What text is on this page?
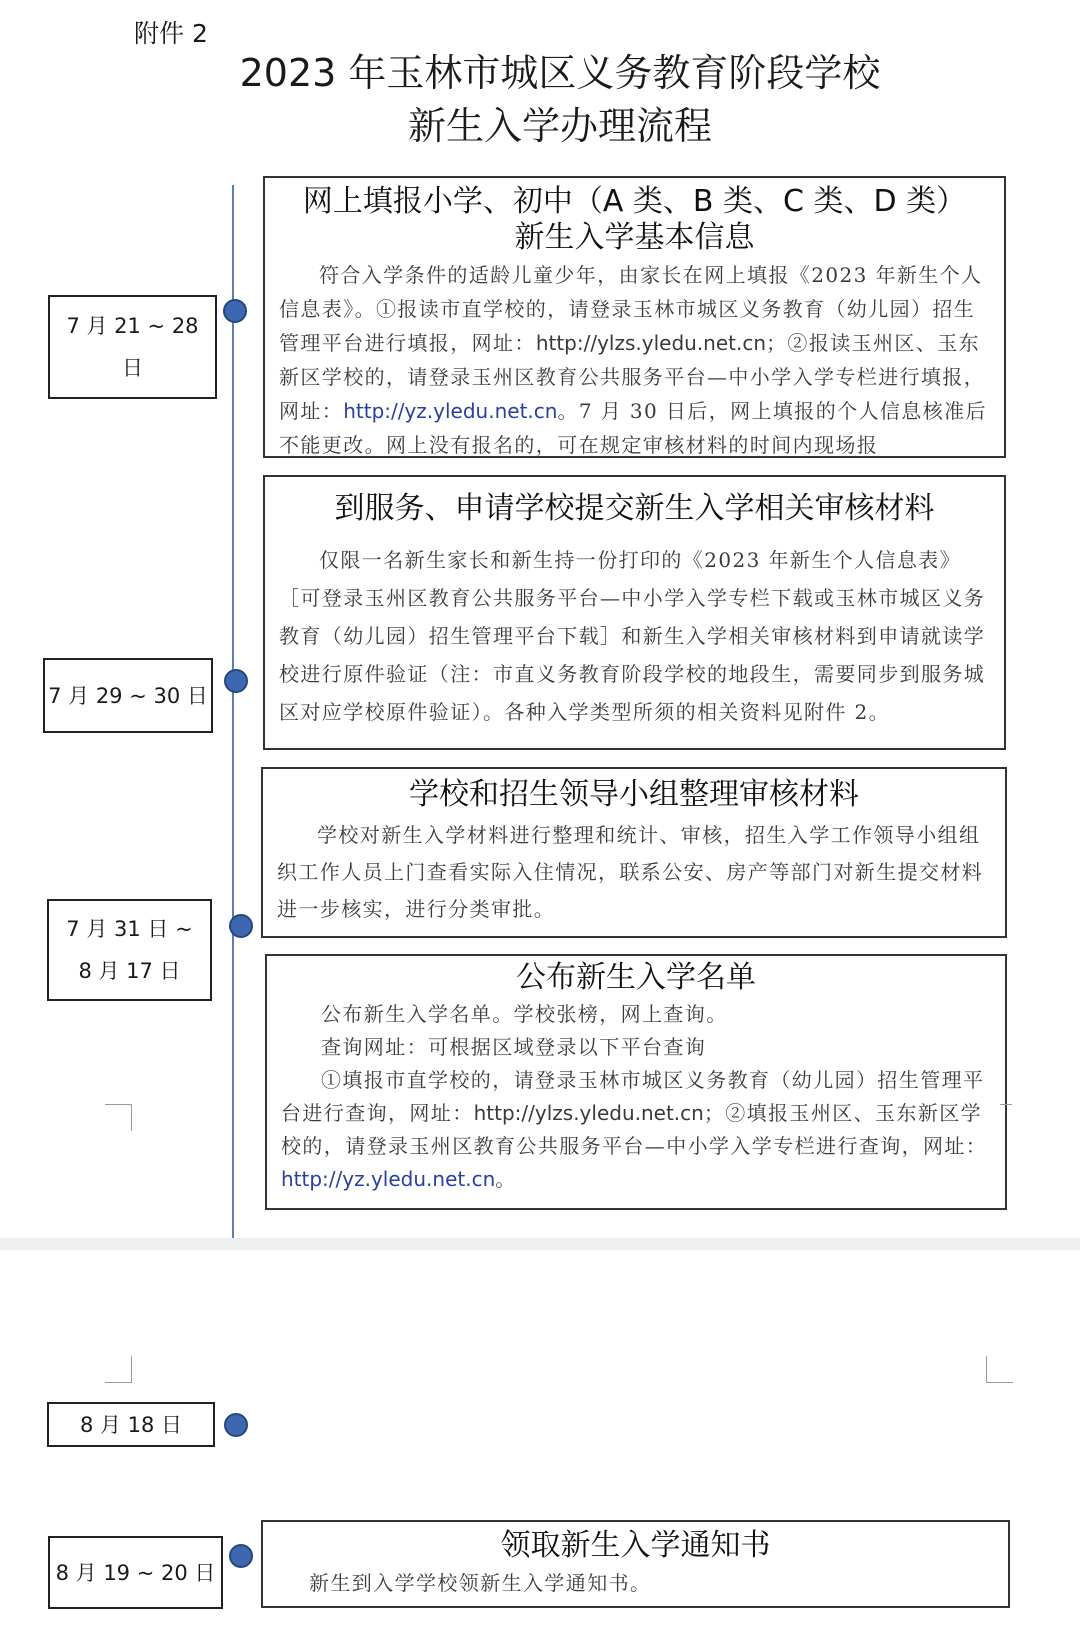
附件 2
2023 年玉林市城区义务教育阶段学校
新生入学办理流程
7 月 21 ~ 28 日
网上填报小学、初中（A 类、B 类、C 类、D 类）
新生入学基本信息

符合入学条件的适龄儿童少年，由家长在网上填报《2023 年新生个人信息表》。①报读市直学校的，请登录玉林市城区义务教育（幼儿园）招生管理平台进行填报，网址：http://ylzs.yledu.net.cn；②报读玉州区、玉东新区学校的，请登录玉州区教育公共服务平台—中小学入学专栏进行填报，网址：http://yz.yledu.net.cn。7 月 30 日后，网上填报的个人信息核准后不能更改。网上没有报名的，可在规定审核材料的时间内现场报

7 月 29 ~ 30 日
到服务、申请学校提交新生入学相关审核材料

仅限一名新生家长和新生持一份打印的《2023 年新生个人信息表》［可登录玉州区教育公共服务平台—中小学入学专栏下载或玉林市城区义务教育（幼儿园）招生管理平台下载］和新生入学相关审核材料到申请就读学校进行原件验证（注：市直义务教育阶段学校的地段生，需要同步到服务城区对应学校原件验证）。各种入学类型所须的相关资料见附件 2。

7 月 31 日 ~
8 月 17 日
学校和招生领导小组整理审核材料

学校对新生入学材料进行整理和统计、审核，招生入学工作领导小组组织工作人员上门查看实际入住情况，联系公安、房产等部门对新生提交材料进一步核实，进行分类审批。

公布新生入学名单

公布新生入学名单。学校张榜，网上查询。

查询网址：可根据区域登录以下平台查询

①填报市直学校的，请登录玉林市城区义务教育（幼儿园）招生管理平台进行查询，网址：http://ylzs.yledu.net.cn；②填报玉州区、玉东新区学校的，请登录玉州区教育公共服务平台—中小学入学专栏进行查询，网址：http://yz.yledu.net.cn。

8 月 18 日
8 月 19 ~ 20 日
领取新生入学通知书

新生到入学学校领新生入学通知书。
